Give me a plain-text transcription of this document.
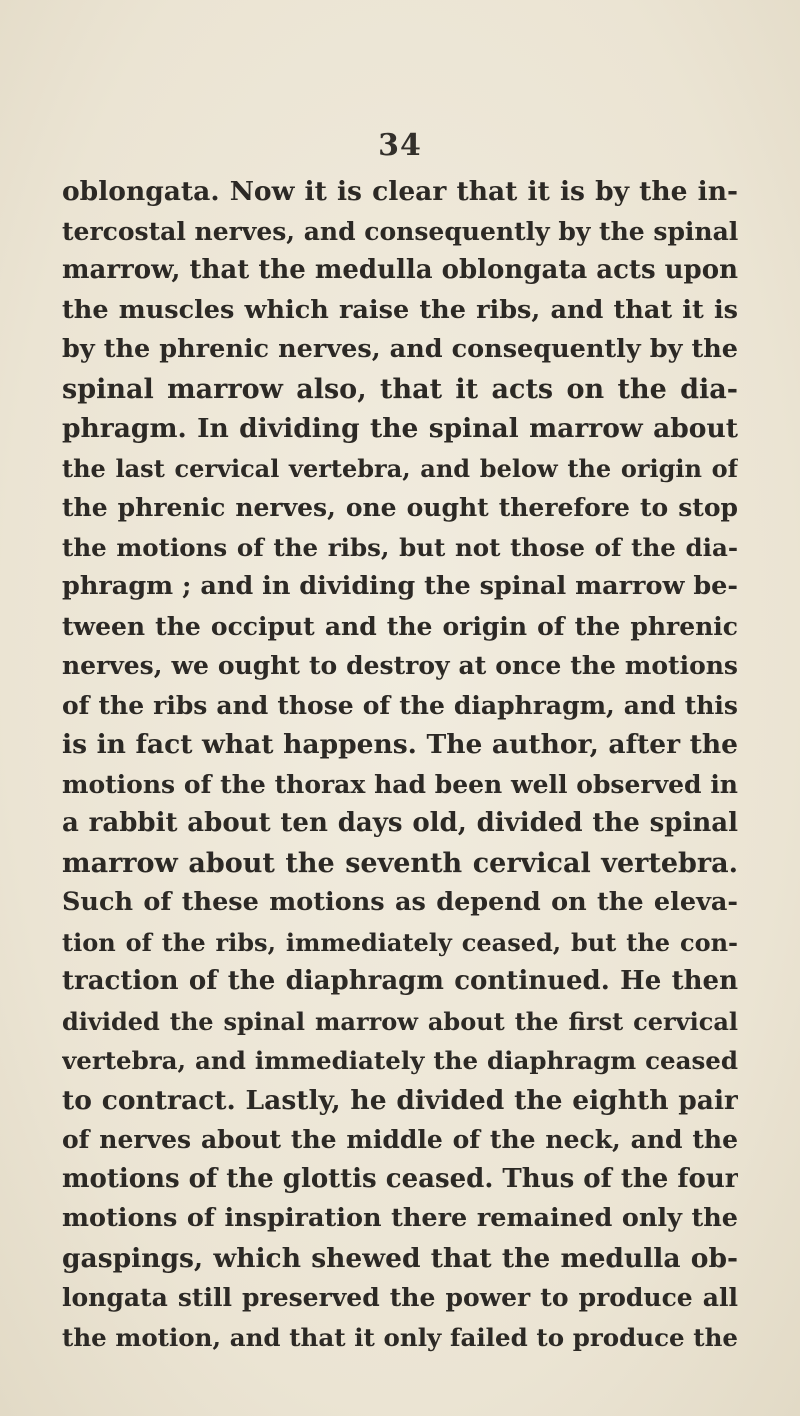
34
oblongata. Now it is clear that it is by the in-
tercostal nerves, and consequently by the spinal
marrow, that the medulla oblongata acts upon
the muscles which raise the ribs, and that it is
by the phrenic nerves, and consequently by the
spinal marrow also, that it acts on the dia-
phragm. In dividing the spinal marrow about
the last cervical vertebra, and below the origin of
the phrenic nerves, one ought therefore to stop
the motions of the ribs, but not those of the dia-
phragm ; and in dividing the spinal marrow be-
tween the occiput and the origin of the phrenic
nerves, we ought to destroy at once the motions
of the ribs and those of the diaphragm, and this
is in fact what happens. The author, after the
motions of the thorax had been well observed in
a rabbit about ten days old, divided the spinal
marrow about the seventh cervical vertebra.
Such of these motions as depend on the eleva-
tion of the ribs, immediately ceased, but the con-
traction of the diaphragm continued. He then
divided the spinal marrow about the first cervical
vertebra, and immediately the diaphragm ceased
to contract. Lastly, he divided the eighth pair
of nerves about the middle of the neck, and the
motions of the glottis ceased. Thus of the four
motions of inspiration there remained only the
gaspings, which shewed that the medulla ob-
longata still preserved the power to produce all
the motion, and that it only failed to produce the
